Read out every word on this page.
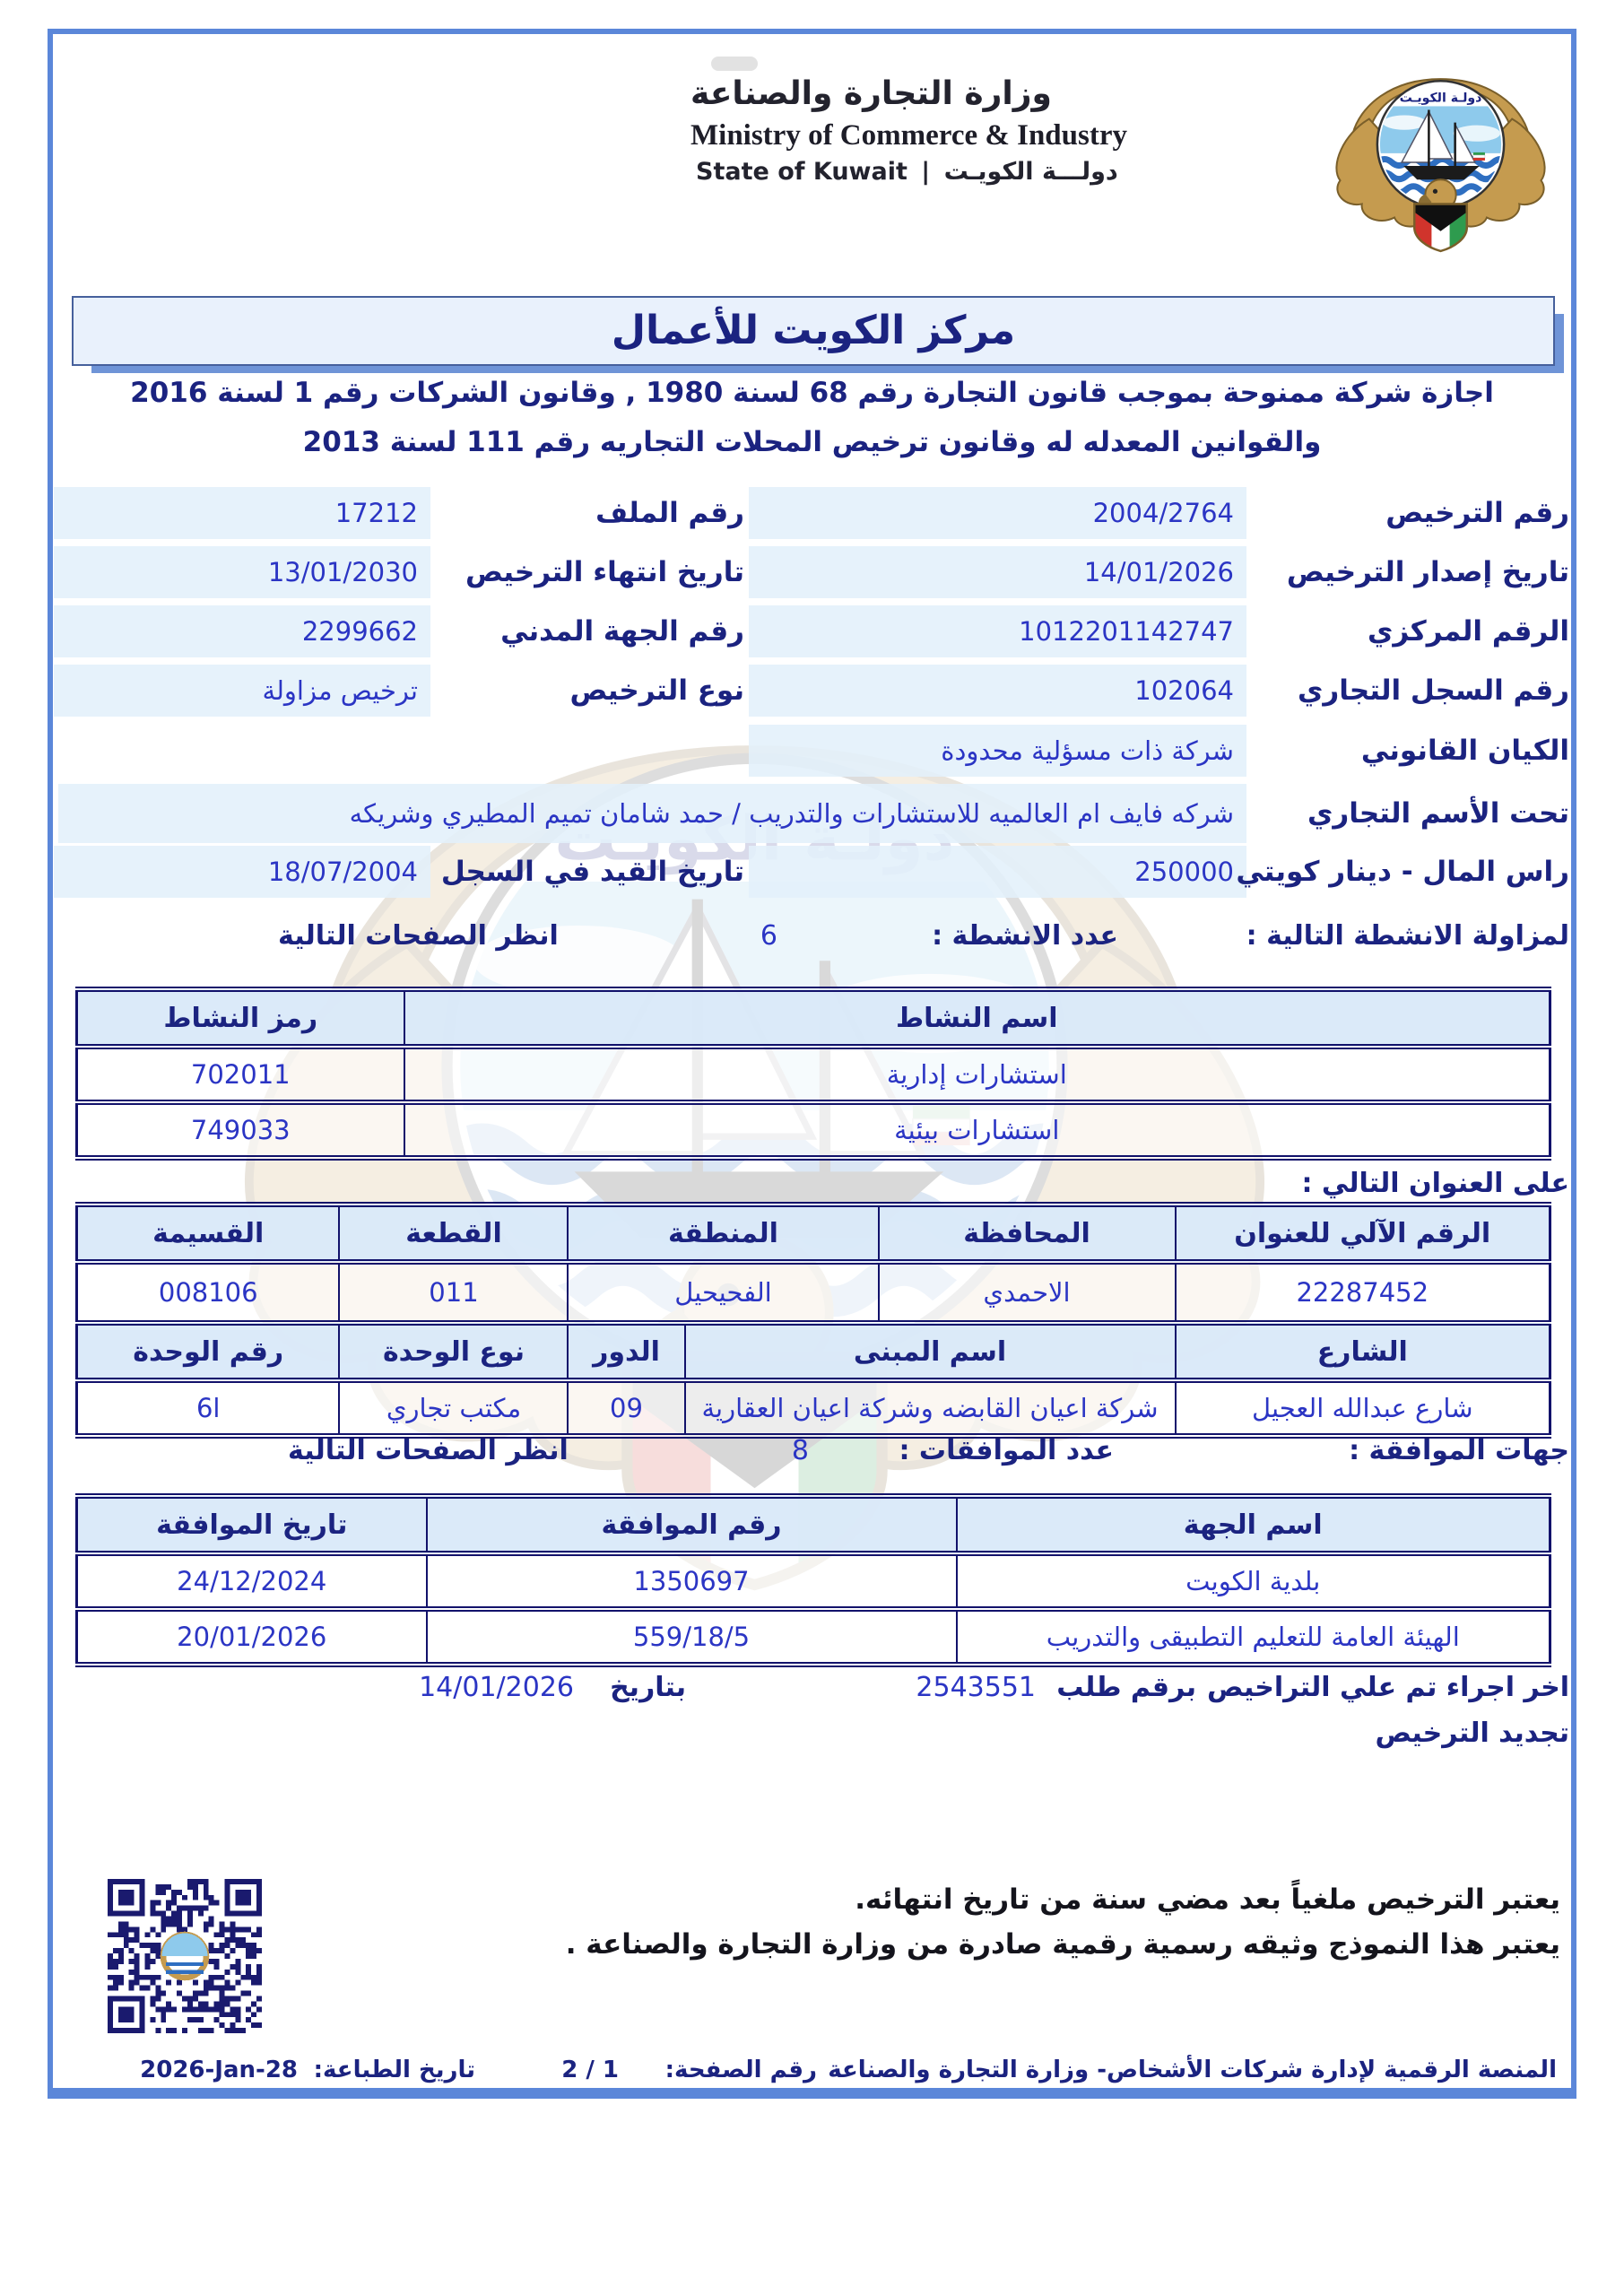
وزارة التجارة والصناعة
Ministry of Commerce & Industry
دولـــة الكويـت | State of Kuwait
مركز الكويت للأعمال
اجازة شركة ممنوحة بموجب قانون التجارة رقم 68 لسنة 1980 , وقانون الشركات رقم 1 لسنة 2016
والقوانين المعدله له وقانون ترخيص المحلات التجاريه رقم 111 لسنة 2013
17212	رقم الملف	2004/2764	رقم الترخيص
13/01/2030	تاريخ انتهاء الترخيص	14/01/2026	تاريخ إصدار الترخيص
2299662	رقم الجهة المدني	1012201142747	الرقم المركزي
ترخيص مزاولة	نوع الترخيص	102064	رقم السجل التجاري
شركة ذات مسؤلية محدودة	الكيان القانوني
شركه فايف ام العالميه للاستشارات والتدريب / حمد شامان تميم المطيري وشريكه	تحت الأسم التجاري
18/07/2004 تاريخ القيد في السجل	250000 راس المال - دينار كويتي
لمزاولة الانشطة التالية :
عدد الانشطة :
6
انظر الصفحات التالية
اسم النشاط	رمز النشاط
استشارات إدارية	702011
استشارات بيئية	749033
على العنوان التالي :
الرقم الآلي للعنوان	المحافظة	المنطقة		القطعة	القسيمة
22287452	الاحمدي	الفحيحيل		011	008106
الشارع	اسم المبنى		الدور	نوع الوحدة	رقم الوحدة
شارع عبدالله العجيل	شركة اعيان القابضه وشركة اعيان العقارية		09	مكتب تجاري	ا6
جهات الموافقة :
عدد الموافقات :
8
انظر الصفحات التالية
اسم الجهة	رقم الموافقة	تاريخ الموافقة
بلدية الكويت	1350697	24/12/2024
الهيئة العامة للتعليم التطبيقى والتدريب	559/18/5	20/01/2026
اخر اجراء تم علي التراخيص
برقم طلب
2543551
بتاريخ
14/01/2026
تجديد الترخيص
يعتبر الترخيص ملغياً بعد مضي سنة من تاريخ انتهائه.
يعتبر هذا النموذج وثيقه رسمية رقمية صادرة من وزارة التجارة والصناعة .
المنصة الرقمية لإدارة شركات الأشخاص- وزارة التجارة والصناعة
رقم الصفحة:
1 / 2
تاريخ الطباعة:
2026-Jan-28
